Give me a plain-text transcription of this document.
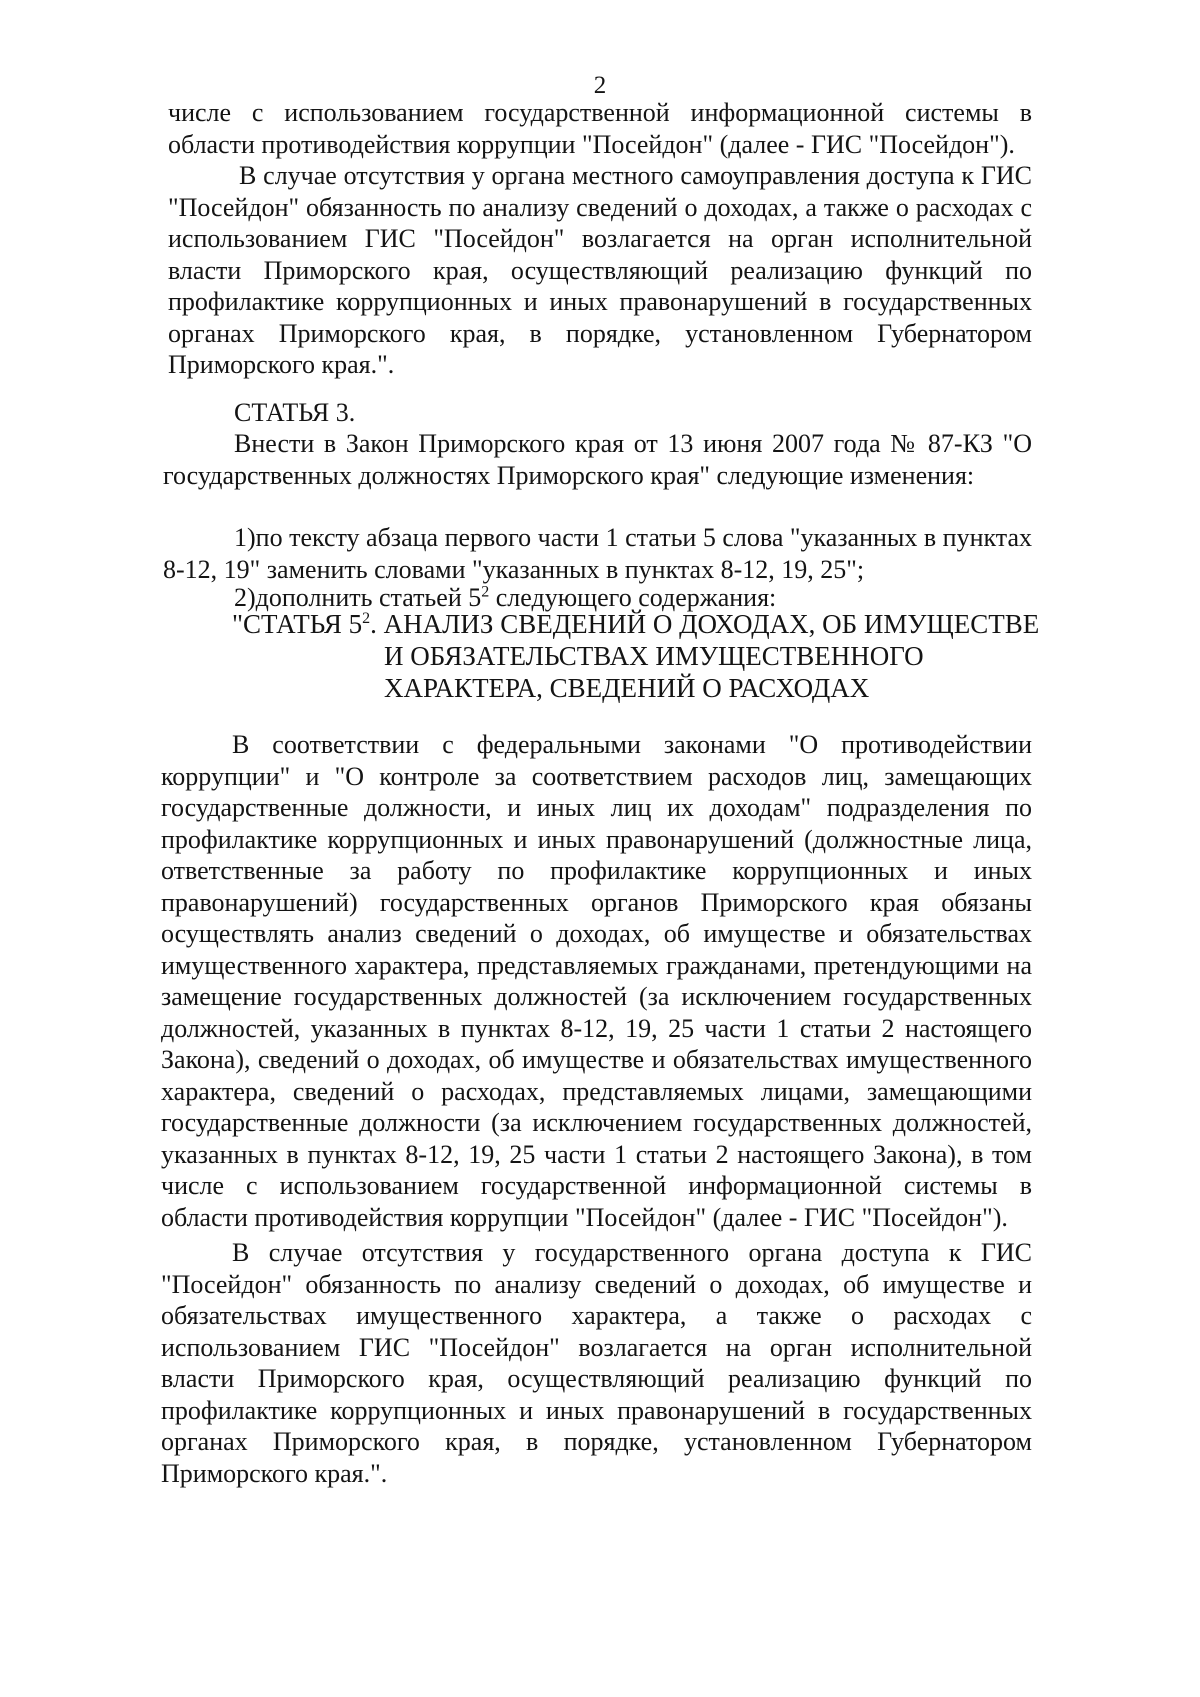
2

числе с использованием государственной информационной системы в области противодействия коррупции "Посейдон" (далее - ГИС "Посейдон").

В случае отсутствия у органа местного самоуправления доступа к ГИС "Посейдон" обязанность по анализу сведений о доходах, а также о расходах с использованием ГИС "Посейдон" возлагается на орган исполнительной власти Приморского края, осуществляющий реализацию функций по профилактике коррупционных и иных правонарушений в государственных органах Приморского края, в порядке, установленном Губернатором Приморского края.".

СТАТЬЯ 3.

Внести в Закон Приморского края от 13 июня 2007 года № 87-КЗ "О государственных должностях Приморского края" следующие изменения:

1)по тексту абзаца первого части 1 статьи 5 слова "указанных в пунктах 8-12, 19" заменить словами "указанных в пунктах 8-12, 19, 25";

2)дополнить статьей $5^2$ следующего содержания:

"СТАТЬЯ $5^2$. АНАЛИЗ СВЕДЕНИЙ О ДОХОДАХ, ОБ ИМУЩЕСТВЕ
И ОБЯЗАТЕЛЬСТВАХ ИМУЩЕСТВЕННОГО
ХАРАКТЕРА, СВЕДЕНИЙ О РАСХОДАХ

В соответствии с федеральными законами "О противодействии коррупции" и "О контроле за соответствием расходов лиц, замещающих государственные должности, и иных лиц их доходам" подразделения по профилактике коррупционных и иных правонарушений (должностные лица, ответственные за работу по профилактике коррупционных и иных правонарушений) государственных органов Приморского края обязаны осуществлять анализ сведений о доходах, об имуществе и обязательствах имущественного характера, представляемых гражданами, претендующими на замещение государственных должностей (за исключением государственных должностей, указанных в пунктах 8-12, 19, 25 части 1 статьи 2 настоящего Закона), сведений о доходах, об имуществе и обязательствах имущественного характера, сведений о расходах, представляемых лицами, замещающими государственные должности (за исключением государственных должностей, указанных в пунктах 8-12, 19, 25 части 1 статьи 2 настоящего Закона), в том числе с использованием государственной информационной системы в области противодействия коррупции "Посейдон" (далее - ГИС "Посейдон").

В случае отсутствия у государственного органа доступа к ГИС "Посейдон" обязанность по анализу сведений о доходах, об имуществе и обязательствах имущественного характера, а также о расходах с использованием ГИС "Посейдон" возлагается на орган исполнительной власти Приморского края, осуществляющий реализацию функций по профилактике коррупционных и иных правонарушений в государственных органах Приморского края, в порядке, установленном Губернатором Приморского края.".
